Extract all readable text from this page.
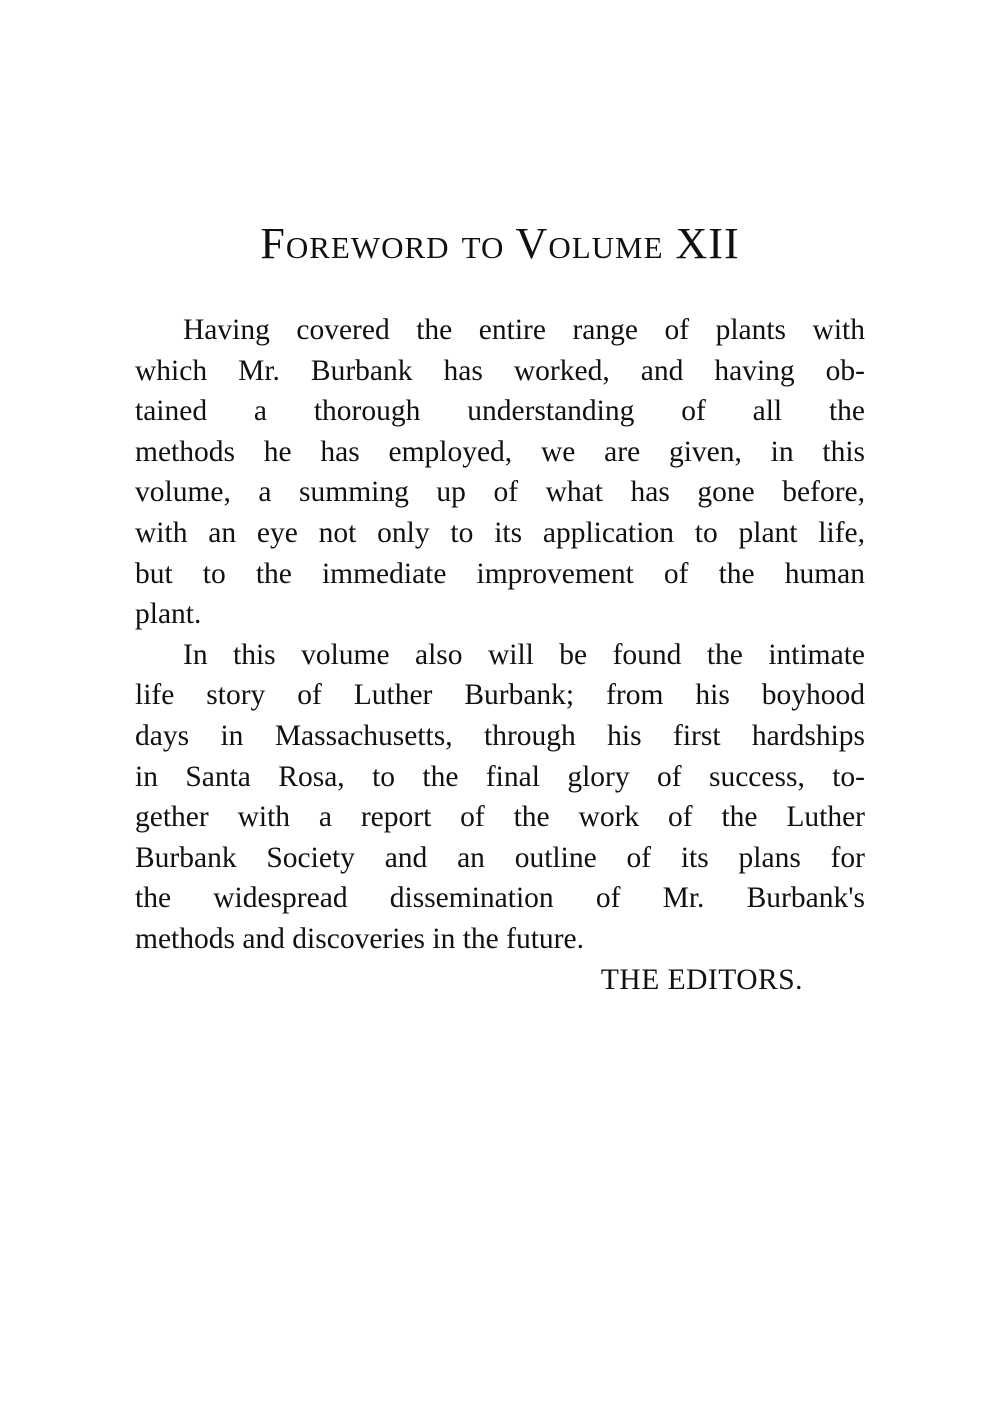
Foreword to Volume XII
Having covered the entire range of plants with
which Mr. Burbank has worked, and having ob-
tained a thorough understanding of all the
methods he has employed, we are given, in this
volume, a summing up of what has gone before,
with an eye not only to its application to plant life,
but to the immediate improvement of the human
plant.
In this volume also will be found the intimate
life story of Luther Burbank; from his boyhood
days in Massachusetts, through his first hardships
in Santa Rosa, to the final glory of success, to-
gether with a report of the work of the Luther
Burbank Society and an outline of its plans for
the widespread dissemination of Mr. Burbank's
methods and discoveries in the future.
THE EDITORS.
